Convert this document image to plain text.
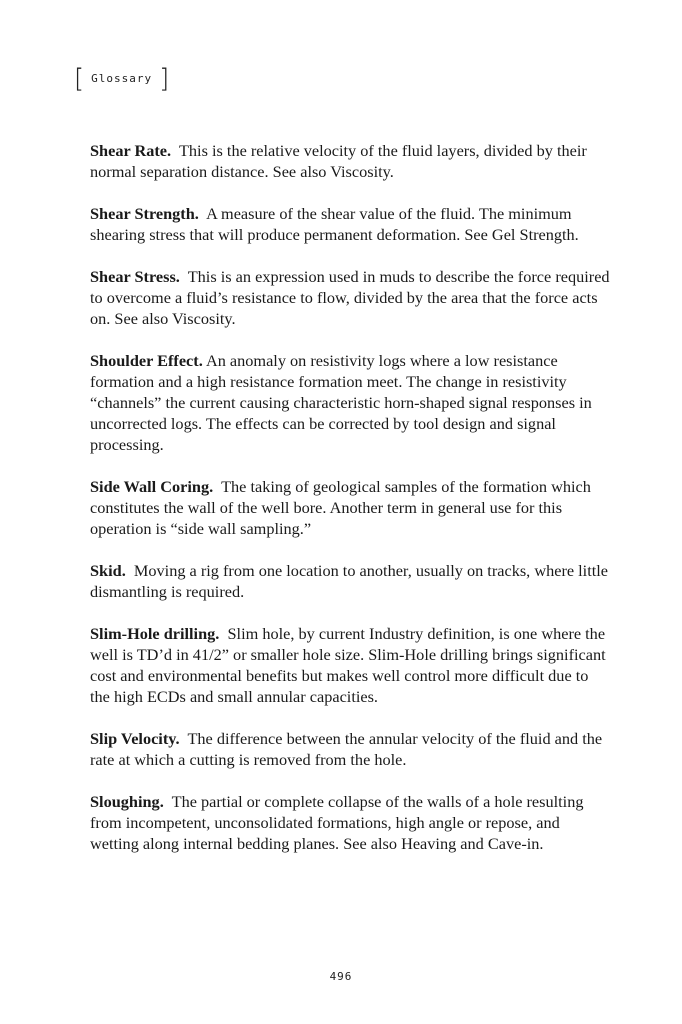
[ Glossary ]

Shear Rate. This is the relative velocity of the fluid layers, divided by their normal separation distance. See also Viscosity.

Shear Strength. A measure of the shear value of the fluid. The minimum shearing stress that will produce permanent deformation. See Gel Strength.

Shear Stress. This is an expression used in muds to describe the force required to overcome a fluid’s resistance to flow, divided by the area that the force acts on. See also Viscosity.

Shoulder Effect. An anomaly on resistivity logs where a low resistance formation and a high resistance formation meet. The change in resistivity “channels” the current causing characteristic horn-shaped signal responses in uncorrected logs. The effects can be corrected by tool design and signal processing.

Side Wall Coring. The taking of geological samples of the formation which constitutes the wall of the well bore. Another term in general use for this operation is “side wall sampling.”

Skid. Moving a rig from one location to another, usually on tracks, where little dismantling is required.

Slim-Hole drilling. Slim hole, by current Industry definition, is one where the well is TD’d in 41/2” or smaller hole size. Slim-Hole drilling brings significant cost and environmental benefits but makes well control more difficult due to the high ECDs and small annular capacities.

Slip Velocity. The difference between the annular velocity of the fluid and the rate at which a cutting is removed from the hole.

Sloughing. The partial or complete collapse of the walls of a hole resulting from incompetent, unconsolidated formations, high angle or repose, and wetting along internal bedding planes. See also Heaving and Cave-in.

496
